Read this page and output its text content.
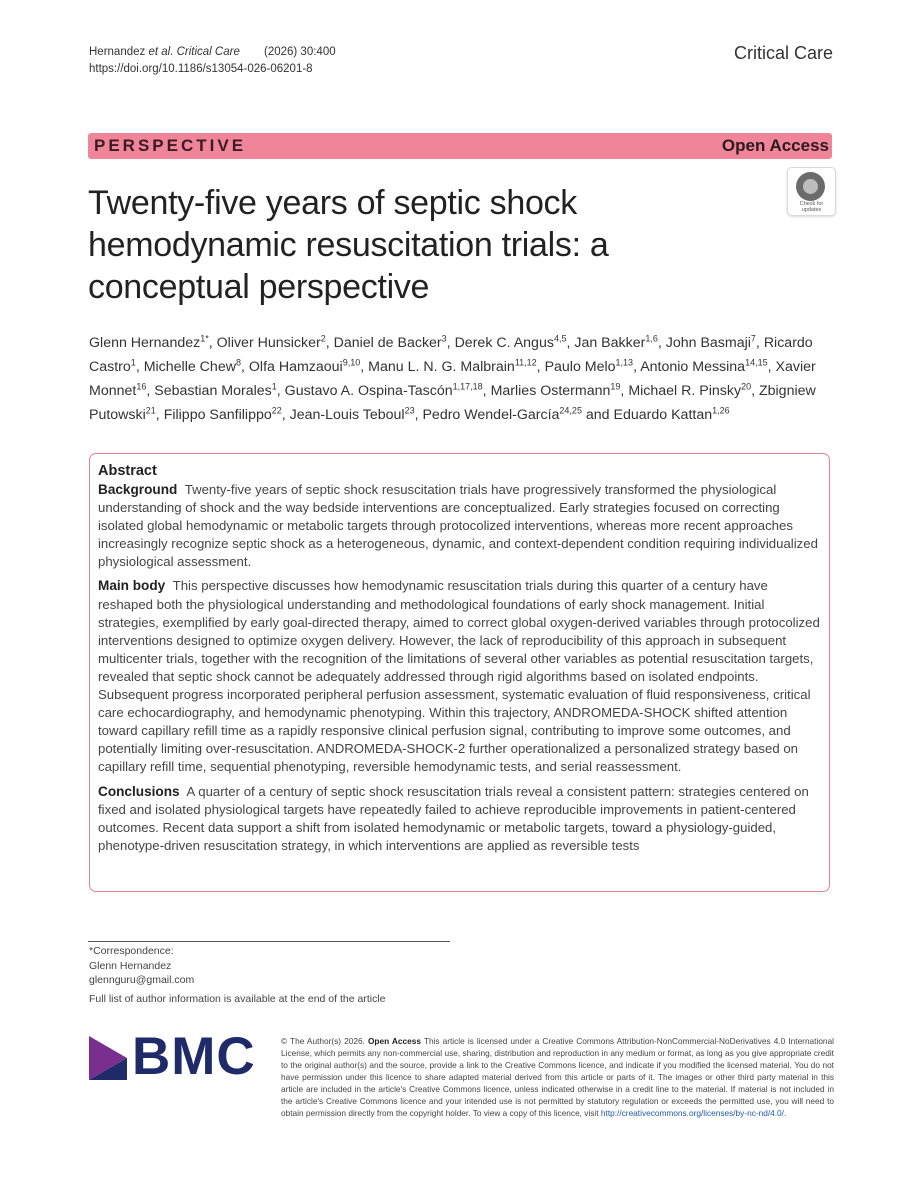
Hernandez et al. Critical Care	(2026) 30:400
https://doi.org/10.1186/s13054-026-06201-8
Critical Care
PERSPECTIVE	Open Access
Twenty-five years of septic shock hemodynamic resuscitation trials: a conceptual perspective
Check for
updates
Glenn Hernandez$^{1*}$, Oliver Hunsicker$^2$, Daniel de Backer$^3$, Derek C. Angus$^{4,5}$, Jan Bakker$^{1,6}$, John Basmaji$^7$, Ricardo Castro$^1$, Michelle Chew$^8$, Olfa Hamzaoui$^{9,10}$, Manu L. N. G. Malbrain$^{11,12}$, Paulo Melo$^{1,13}$, Antonio Messina$^{14,15}$, Xavier Monnet$^{16}$, Sebastian Morales$^1$, Gustavo A. Ospina-Tascón$^{1,17,18}$, Marlies Ostermann$^{19}$, Michael R. Pinsky$^{20}$, Zbigniew Putowski$^{21}$, Filippo Sanfilippo$^{22}$, Jean-Louis Teboul$^{23}$, Pedro Wendel-García$^{24,25}$ and Eduardo Kattan$^{1,26}$
Abstract

Background Twenty-five years of septic shock resuscitation trials have progressively transformed the physiological understanding of shock and the way bedside interventions are conceptualized. Early strategies focused on correcting isolated global hemodynamic or metabolic targets through protocolized interventions, whereas more recent approaches increasingly recognize septic shock as a heterogeneous, dynamic, and context-dependent condition requiring individualized physiological assessment.

Main body This perspective discusses how hemodynamic resuscitation trials during this quarter of a century have reshaped both the physiological understanding and methodological foundations of early shock management. Initial strategies, exemplified by early goal-directed therapy, aimed to correct global oxygen-derived variables through protocolized interventions designed to optimize oxygen delivery. However, the lack of reproducibility of this approach in subsequent multicenter trials, together with the recognition of the limitations of several other variables as potential resuscitation targets, revealed that septic shock cannot be adequately addressed through rigid algorithms based on isolated endpoints. Subsequent progress incorporated peripheral perfusion assessment, systematic evaluation of fluid responsiveness, critical care echocardiography, and hemodynamic phenotyping. Within this trajectory, ANDROMEDA-SHOCK shifted attention toward capillary refill time as a rapidly responsive clinical perfusion signal, contributing to improve some outcomes, and potentially limiting over-resuscitation. ANDROMEDA-SHOCK-2 further operationalized a personalized strategy based on capillary refill time, sequential phenotyping, reversible hemodynamic tests, and serial reassessment.

Conclusions A quarter of a century of septic shock resuscitation trials reveal a consistent pattern: strategies centered on fixed and isolated physiological targets have repeatedly failed to achieve reproducible improvements in patient-centered outcomes. Recent data support a shift from isolated hemodynamic or metabolic targets, toward a physiology-guided, phenotype-driven resuscitation strategy, in which interventions are applied as reversible tests

*Correspondence:
Glenn Hernandez
glennguru@gmail.com
Full list of author information is available at the end of the article
BMC	© The Author(s) 2026. Open Access This article is licensed under a Creative Commons Attribution-NonCommercial-NoDerivatives 4.0 International License, which permits any non-commercial use, sharing, distribution and reproduction in any medium or format, as long as you give appropriate credit to the original author(s) and the source, provide a link to the Creative Commons licence, and indicate if you modified the licensed material. You do not have permission under this licence to share adapted material derived from this article or parts of it. The images or other third party material in this article are included in the article's Creative Commons licence, unless indicated otherwise in a credit line to the material. If material is not included in the article's Creative Commons licence and your intended use is not permitted by statutory regulation or exceeds the permitted use, you will need to obtain permission directly from the copyright holder. To view a copy of this licence, visit http://creativecommons.org/licenses/by-nc-nd/4.0/.
